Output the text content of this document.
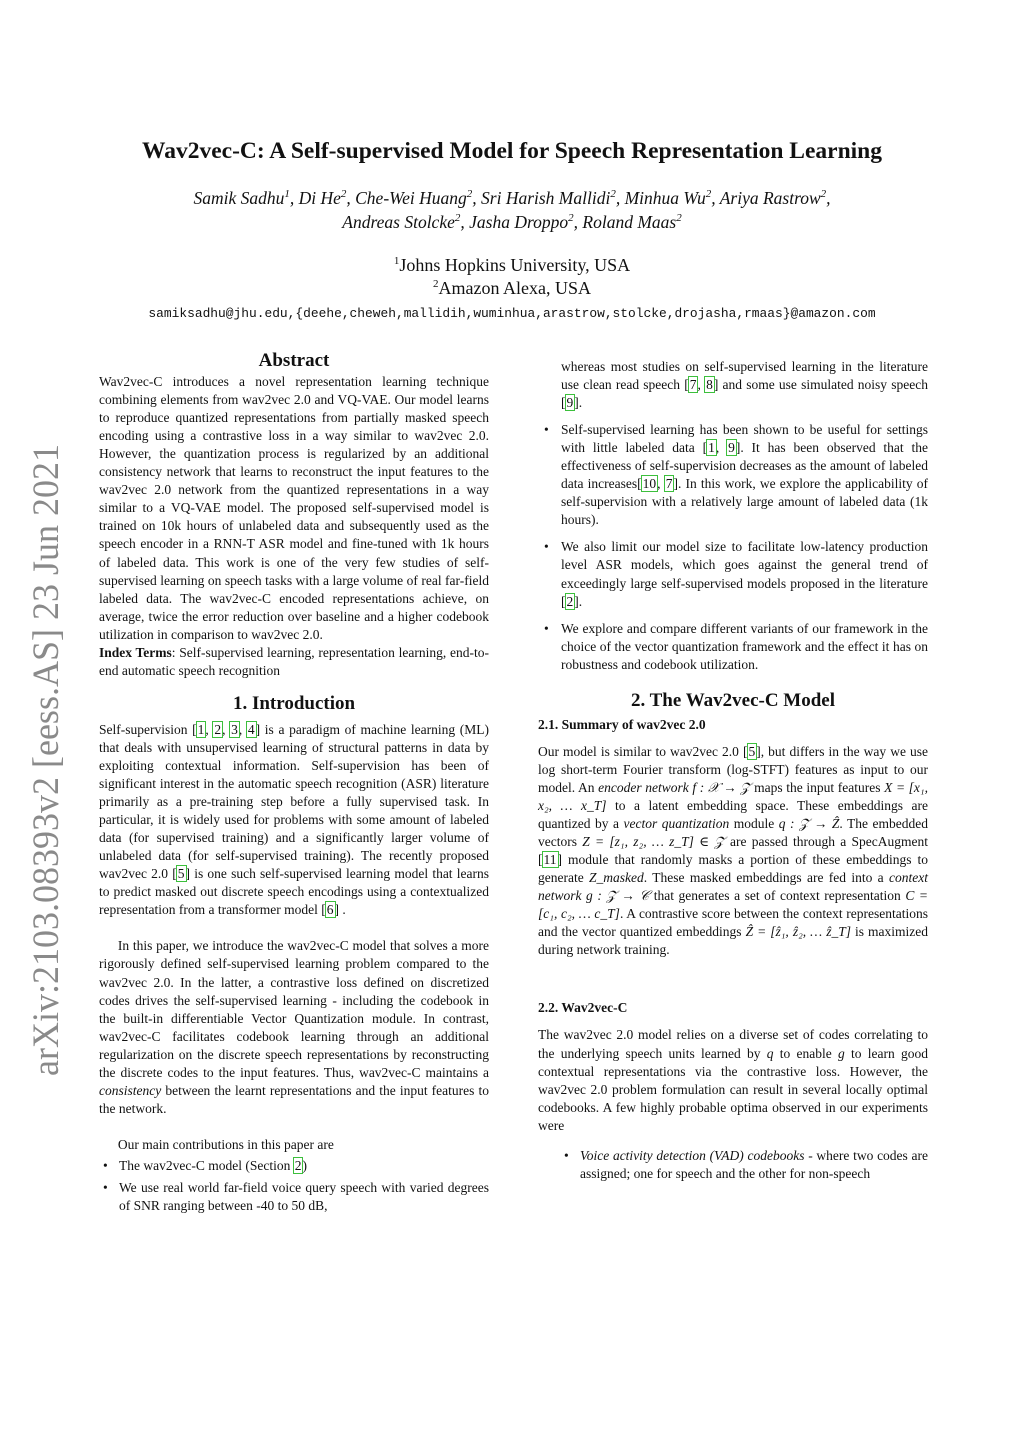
arXiv:2103.08393v2 [eess.AS] 23 Jun 2021
Wav2vec-C: A Self-supervised Model for Speech Representation Learning
Samik Sadhu$^1$, Di He$^2$, Che-Wei Huang$^2$, Sri Harish Mallidi$^2$, Minhua Wu$^2$, Ariya Rastrow$^2$,
Andreas Stolcke$^2$, Jasha Droppo$^2$, Roland Maas$^2$
$^1$Johns Hopkins University, USA
$^2$Amazon Alexa, USA
samiksadhu@jhu.edu,{deehe,cheweh,mallidih,wuminhua,arastrow,stolcke,drojasha,rmaas}@amazon.com
Abstract

Wav2vec-C introduces a novel representation learning technique combining elements from wav2vec 2.0 and VQ-VAE. Our model learns to reproduce quantized representations from partially masked speech encoding using a contrastive loss in a way similar to wav2vec 2.0. However, the quantization process is regularized by an additional consistency network that learns to reconstruct the input features to the wav2vec 2.0 network from the quantized representations in a way similar to a VQ-VAE model. The proposed self-supervised model is trained on 10k hours of unlabeled data and subsequently used as the speech encoder in a RNN-T ASR model and fine-tuned with 1k hours of labeled data. This work is one of the very few studies of self-supervised learning on speech tasks with a large volume of real far-field labeled data. The wav2vec-C encoded representations achieve, on average, twice the error reduction over baseline and a higher codebook utilization in comparison to wav2vec 2.0.

Index Terms: Self-supervised learning, representation learning, end-to-end automatic speech recognition

1. Introduction

Self-supervision [1, 2, 3, 4] is a paradigm of machine learning (ML) that deals with unsupervised learning of structural patterns in data by exploiting contextual information. Self-supervision has been of significant interest in the automatic speech recognition (ASR) literature primarily as a pre-training step before a fully supervised task. In particular, it is widely used for problems with some amount of labeled data (for supervised training) and a significantly larger volume of unlabeled data (for self-supervised training). The recently proposed wav2vec 2.0 [5] is one such self-supervised learning model that learns to predict masked out discrete speech encodings using a contextualized representation from a transformer model [6] .

In this paper, we introduce the wav2vec-C model that solves a more rigorously defined self-supervised learning problem compared to the wav2vec 2.0. In the latter, a contrastive loss defined on discretized codes drives the self-supervised learning - including the codebook in the built-in differentiable Vector Quantization module. In contrast, wav2vec-C facilitates codebook learning through an additional regularization on the discrete speech representations by reconstructing the discrete codes to the input features. Thus, wav2vec-C maintains a consistency between the learnt representations and the input features to the network.

Our main contributions in this paper are

• The wav2vec-C model (Section 2)
• We use real world far-field voice query speech with varied degrees of SNR ranging between -40 to 50 dB,
whereas most studies on self-supervised learning in the literature use clean read speech [7, 8] and some use simulated noisy speech [9].
• Self-supervised learning has been shown to be useful for settings with little labeled data [1, 9]. It has been observed that the effectiveness of self-supervision decreases as the amount of labeled data increases[10, 7]. In this work, we explore the applicability of self-supervision with a relatively large amount of labeled data (1k hours).
• We also limit our model size to facilitate low-latency production level ASR models, which goes against the general trend of exceedingly large self-supervised models proposed in the literature [2].
• We explore and compare different variants of our framework in the choice of the vector quantization framework and the effect it has on robustness and codebook utilization.
2. The Wav2vec-C Model
2.1. Summary of wav2vec 2.0

Our model is similar to wav2vec 2.0 [5], but differs in the way we use log short-term Fourier transform (log-STFT) features as input to our model. An encoder network f : 𝒳 → 𝒵 maps the input features X = [x₁, x₂, … x_T] to a latent embedding space. These embeddings are quantized by a vector quantization module q : 𝒵 → Ẑ. The embedded vectors Z = [z₁, z₂, … z_T] ∈ 𝒵 are passed through a SpecAugment [11] module that randomly masks a portion of these embeddings to generate Z_masked. These masked embeddings are fed into a context network g : 𝒵 → 𝒞 that generates a set of context representation C = [c₁, c₂, … c_T]. A contrastive score between the context representations and the vector quantized embeddings Ẑ = [ẑ₁, ẑ₂, … ẑ_T] is maximized during network training.

2.2. Wav2vec-C

The wav2vec 2.0 model relies on a diverse set of codes correlating to the underlying speech units learned by q to enable g to learn good contextual representations via the contrastive loss. However, the wav2vec 2.0 problem formulation can result in several locally optimal codebooks. A few highly probable optima observed in our experiments were

• Voice activity detection (VAD) codebooks - where two codes are assigned; one for speech and the other for non-speech
